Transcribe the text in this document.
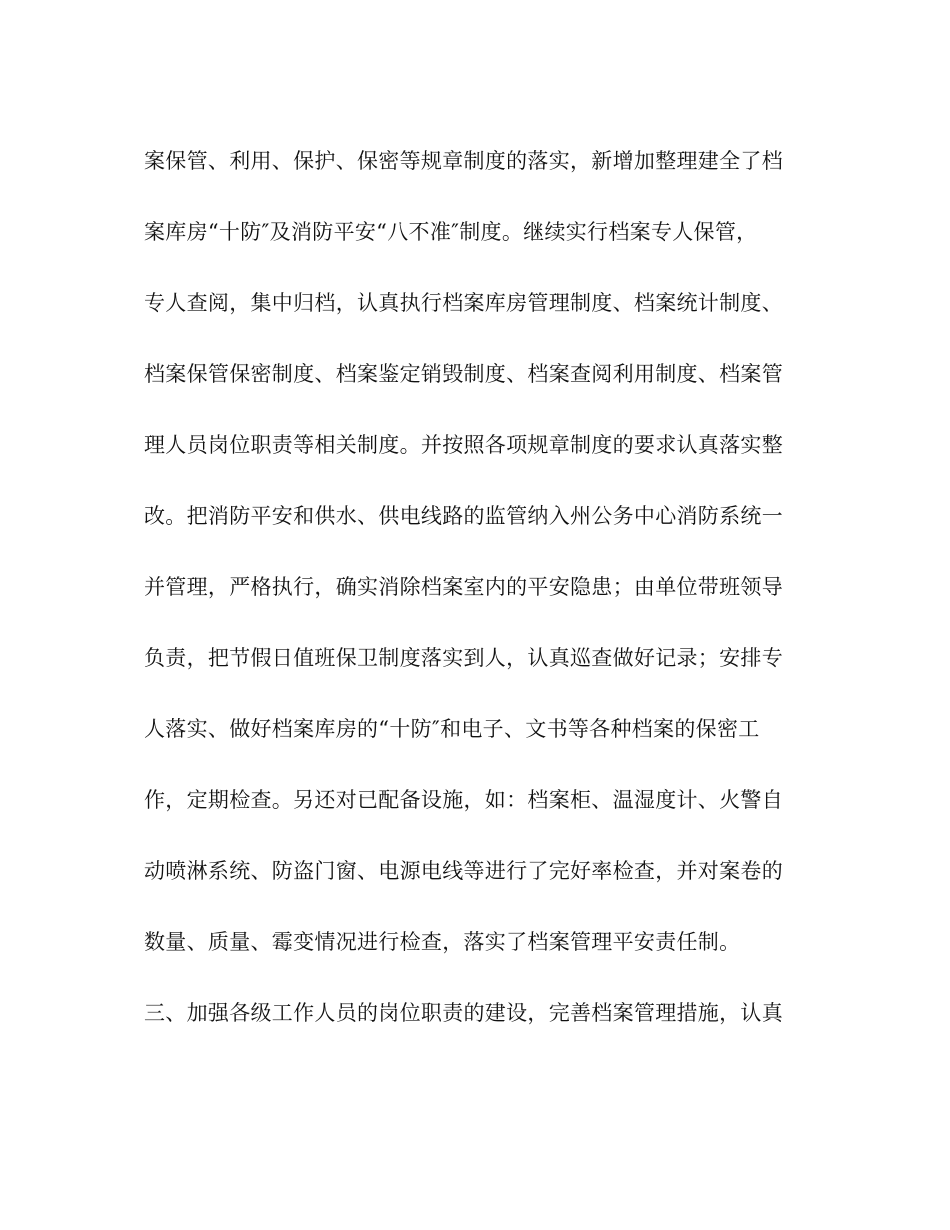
案保管、利用、保护、保密等规章制度的落实，新增加整理建全了档
案库房“十防″及消防平安“八不准″制度。继续实行档案专人保管，
专人查阅，集中归档，认真执行档案库房管理制度、档案统计制度、
档案保管保密制度、档案鉴定销毁制度、档案查阅利用制度、档案管
理人员岗位职责等相关制度。并按照各项规章制度的要求认真落实整
改。把消防平安和供水、供电线路的监管纳入州公务中心消防系统一
并管理，严格执行，确实消除档案室内的平安隐患；由单位带班领导
负责，把节假日值班保卫制度落实到人，认真巡查做好记录；安排专
人落实、做好档案库房的“十防″和电子、文书等各种档案的保密工
作，定期检查。另还对已配备设施，如：档案柜、温湿度计、火警自
动喷淋系统、防盗门窗、电源电线等进行了完好率检查，并对案卷的
数量、质量、霉变情况进行检查，落实了档案管理平安责任制。
三、加强各级工作人员的岗位职责的建设，完善档案管理措施，认真
